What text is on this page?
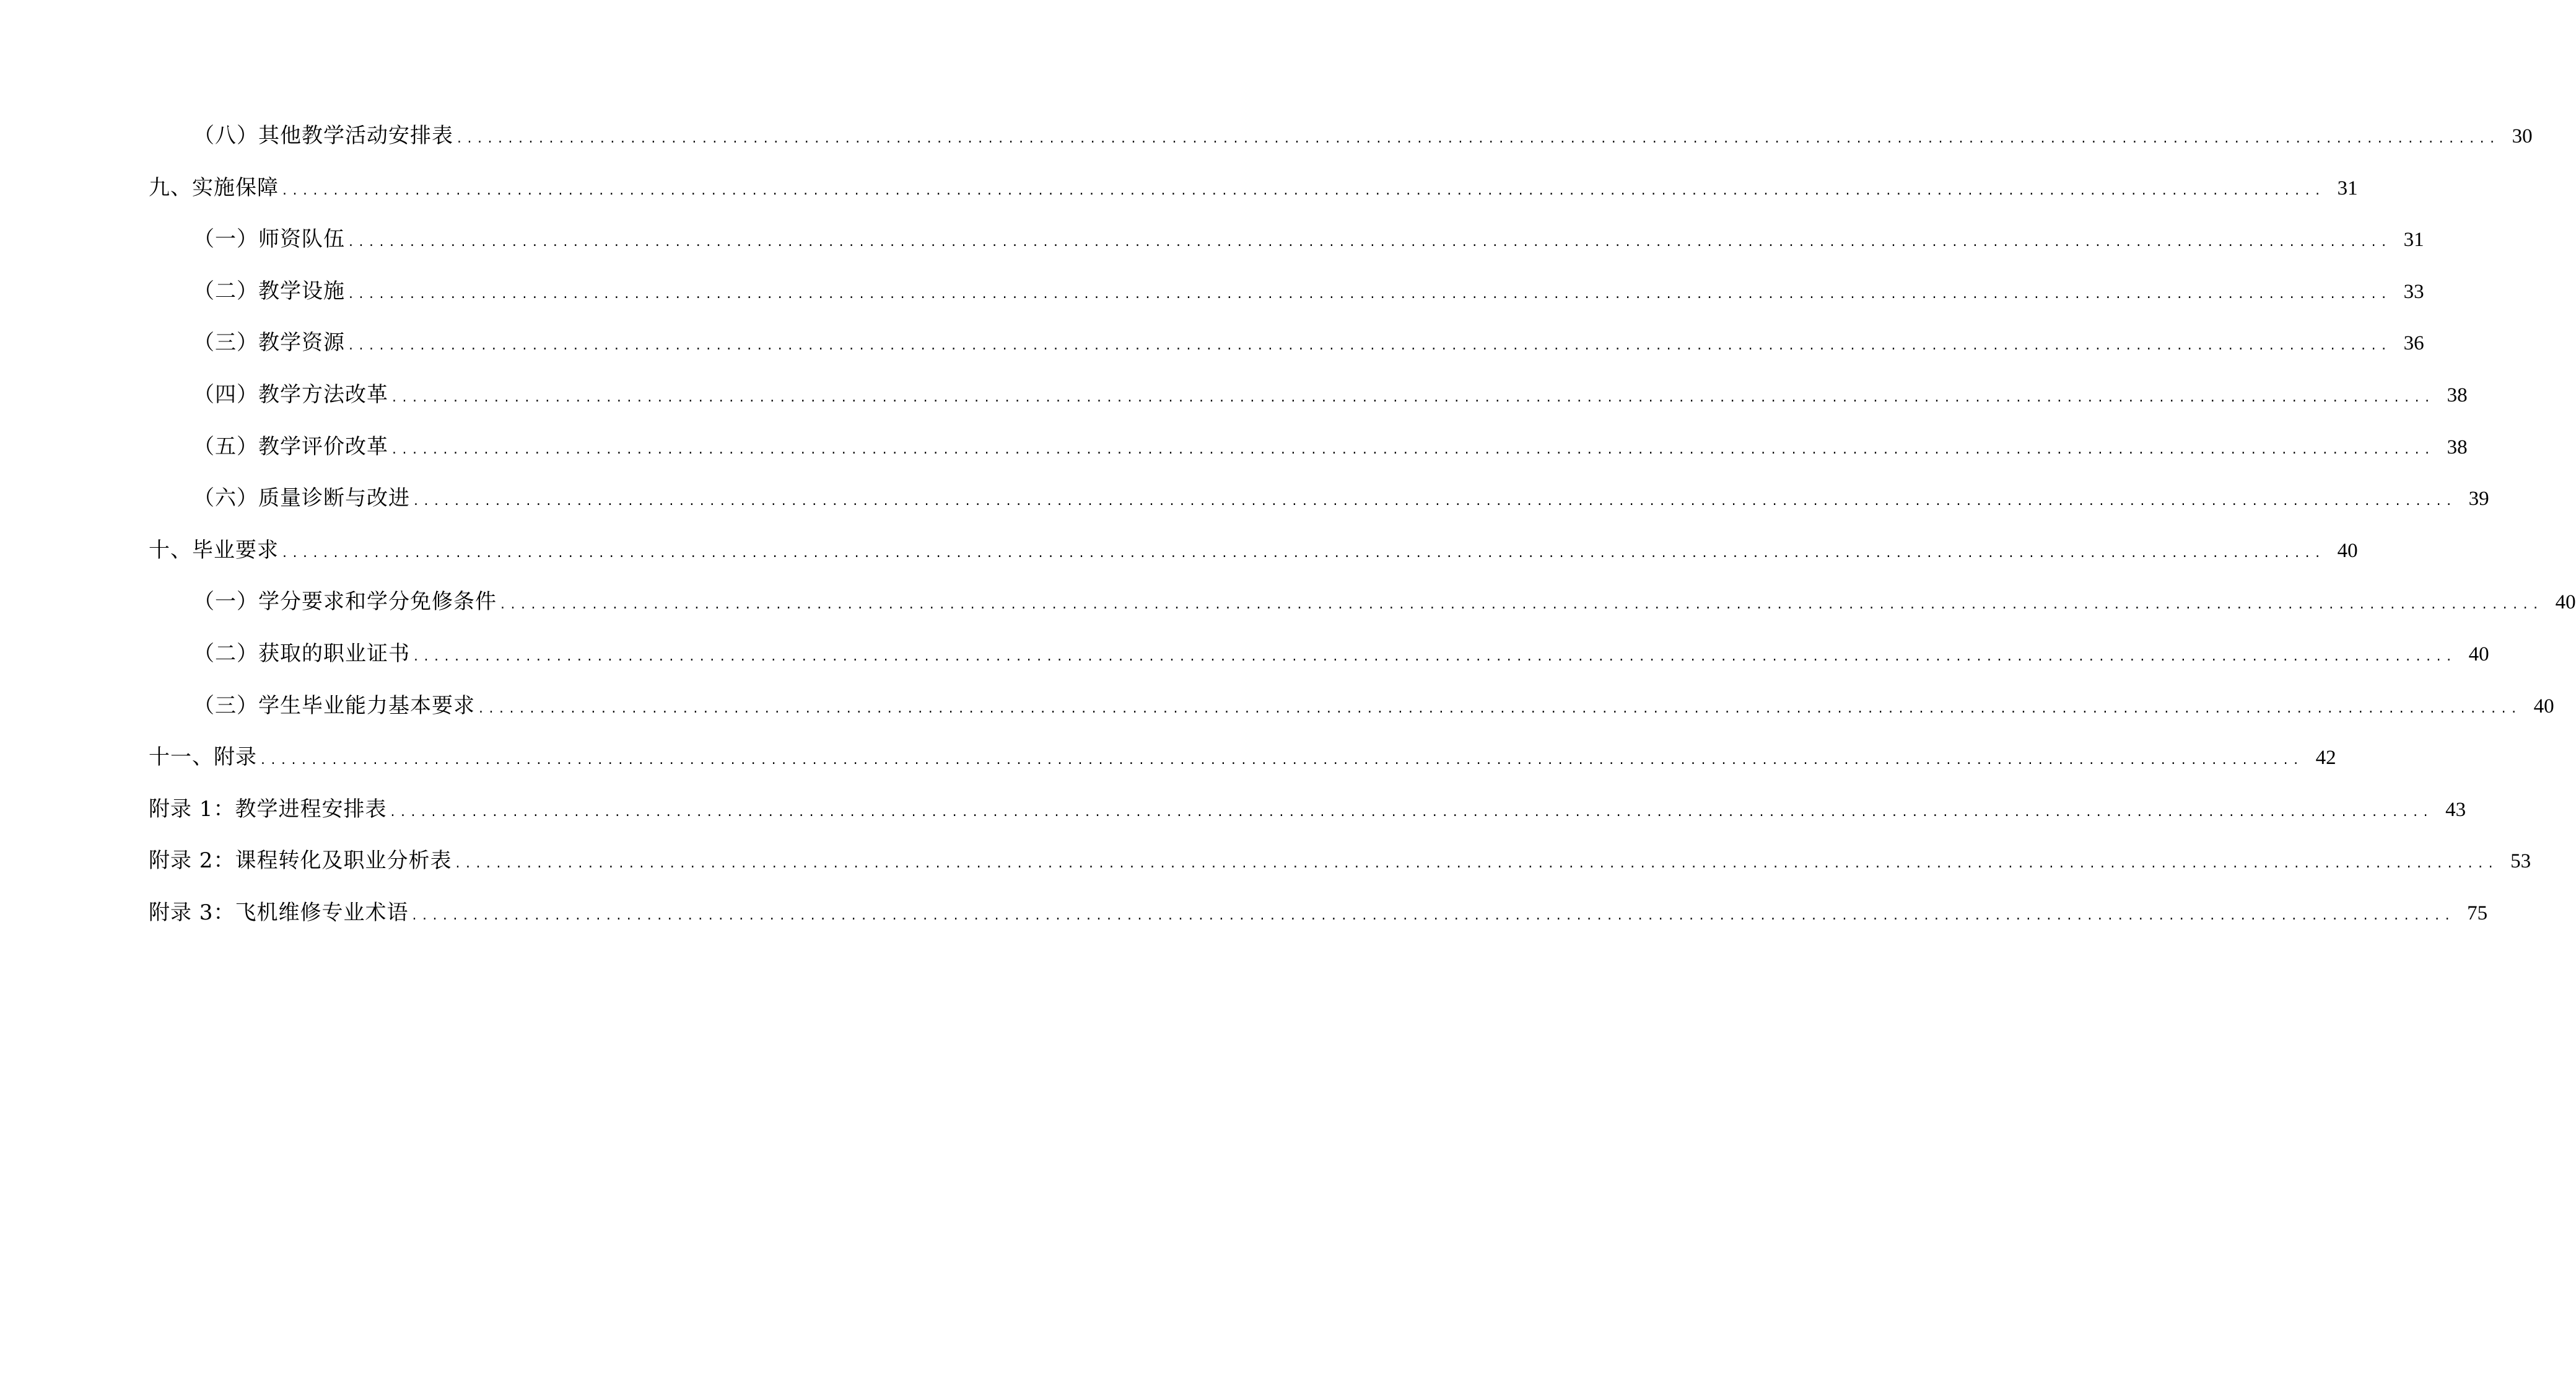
（八）其他教学活动安排表 ........................................................................................................................................................................................................ 30
九、实施保障 ........................................................................................................................................................................................................ 31
（一）师资队伍 ........................................................................................................................................................................................................ 31
（二）教学设施 ........................................................................................................................................................................................................ 33
（三）教学资源 ........................................................................................................................................................................................................ 36
（四）教学方法改革 ........................................................................................................................................................................................................ 38
（五）教学评价改革 ........................................................................................................................................................................................................ 38
（六）质量诊断与改进 ........................................................................................................................................................................................................ 39
十、毕业要求 ........................................................................................................................................................................................................ 40
（一）学分要求和学分免修条件 ........................................................................................................................................................................................................ 40
（二）获取的职业证书 ........................................................................................................................................................................................................ 40
（三）学生毕业能力基本要求 ........................................................................................................................................................................................................ 40
十一、附录 ........................................................................................................................................................................................................ 42
附录 1：教学进程安排表 ........................................................................................................................................................................................................ 43
附录 2：课程转化及职业分析表 ........................................................................................................................................................................................................ 53
附录 3：飞机维修专业术语 ........................................................................................................................................................................................................ 75
